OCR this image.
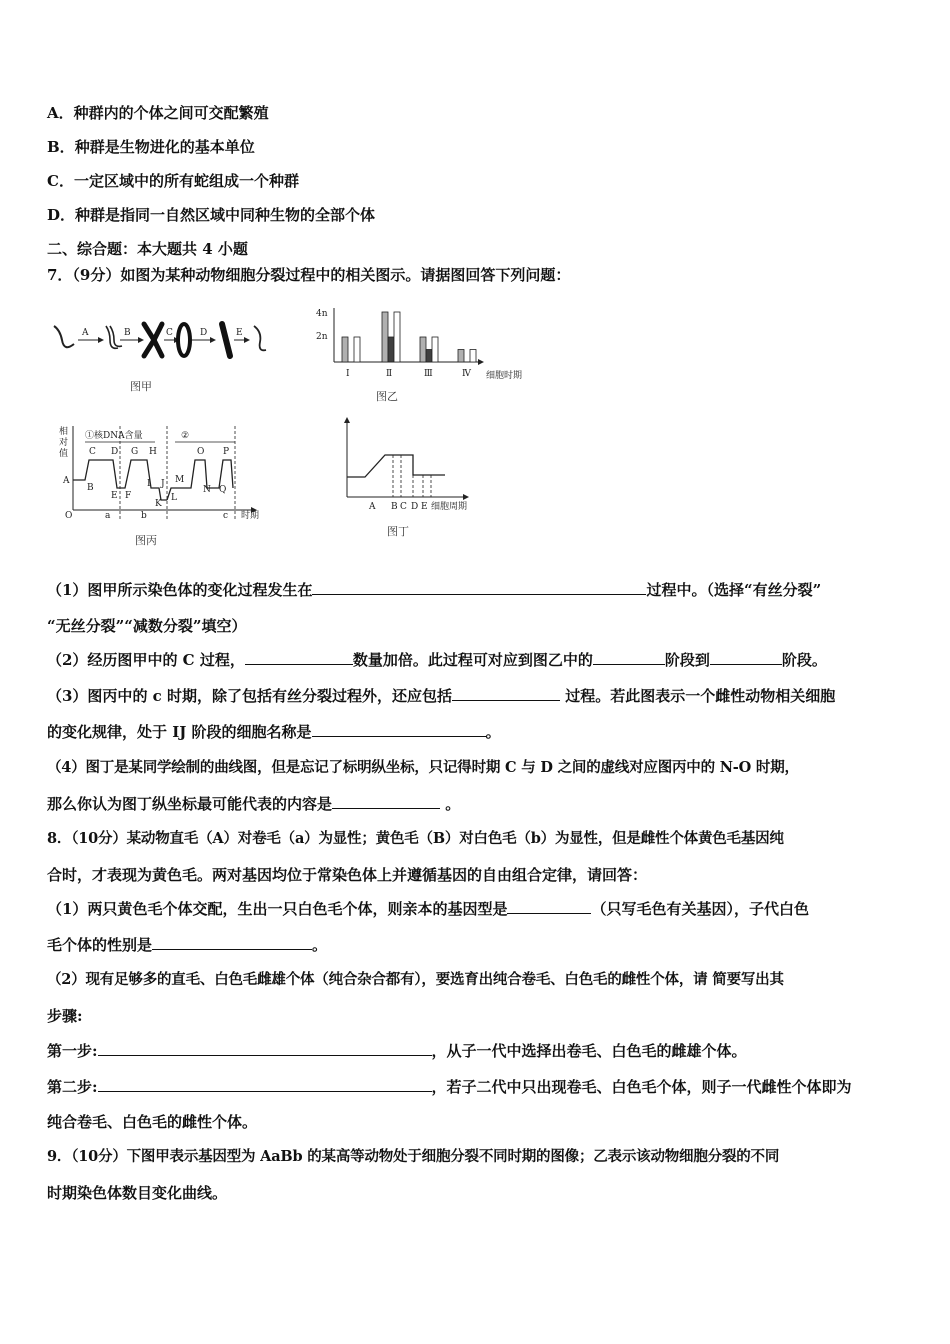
A．种群内的个体之间可交配繁殖
B．种群是生物进化的基本单位
C．一定区域中的所有蛇组成一个种群
D．种群是指同一自然区域中同种生物的全部个体
二、综合题：本大题共 4 小题
7．（9分）如图为某种动物细胞分裂过程中的相关图示。请据图回答下列问题：
A	B	C	D	E
图甲
4n
2n
Ⅰ	Ⅱ	Ⅲ	Ⅳ 细胞时期
图乙
相
对
值
①核DNA含量	②
A
B
C D
E F
G H
I J
K
L
M
N
O P
Q
O	a	b	c 时期
图丙
A B C D E 细胞周期
图丁
（1）图甲所示染色体的变化过程发生在	过程中。（选择“有丝分裂”
“无丝分裂”“减数分裂”填空）
（2）经历图甲中的 C 过程，	数量加倍。此过程可对应到图乙中的	阶段到	阶段。
（3）图丙中的 c 时期，除了包括有丝分裂过程外，还应包括	过程。若此图表示一个雌性动物相关细胞
的变化规律，处于 IJ 阶段的细胞名称是	。
（4）图丁是某同学绘制的曲线图，但是忘记了标明纵坐标，只记得时期 C 与 D 之间的虚线对应图丙中的 N-O 时期，
那么你认为图丁纵坐标最可能代表的内容是	。
8．（10分）某动物直毛（A）对卷毛（a）为显性；黄色毛（B）对白色毛（b）为显性，但是雌性个体黄色毛基因纯
合时，才表现为黄色毛。两对基因均位于常染色体上并遵循基因的自由组合定律，请回答：
（1）两只黄色毛个体交配，生出一只白色毛个体，则亲本的基因型是	（只写毛色有关基因），子代白色
毛个体的性别是	。
（2）现有足够多的直毛、白色毛雌雄个体（纯合杂合都有），要选育出纯合卷毛、白色毛的雌性个体，请 简要写出其
步骤:
第一步:	，从子一代中选择出卷毛、白色毛的雌雄个体。
第二步:	，若子二代中只出现卷毛、白色毛个体，则子一代雌性个体即为
纯合卷毛、白色毛的雌性个体。
9．（10分）下图甲表示基因型为 AaBb 的某高等动物处于细胞分裂不同时期的图像；乙表示该动物细胞分裂的不同
时期染色体数目变化曲线。
